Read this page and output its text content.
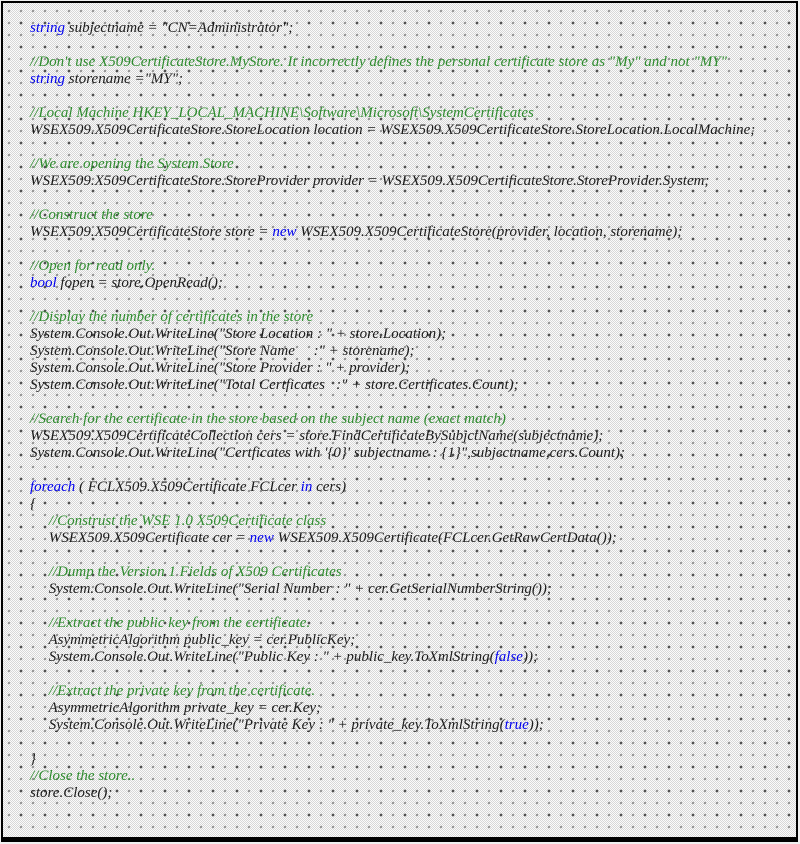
string subjectname = "CN=Administrator";

//Don't use X509CertificateStore.MyStore. It incorrectly defines the personal certificate store as "My" and not "MY"
string storename ="MY";

//Local Machine HKEY_LOCAL_MACHINE\Software\Microsoft\SystemCertificates
WSEX509.X509CertificateStore.StoreLocation location = WSEX509.X509CertificateStore.StoreLocation.LocalMachine;

//We are opening the System Store
WSEX509.X509CertificateStore.StoreProvider provider = WSEX509.X509CertificateStore.StoreProvider.System;

//Construct the store
WSEX509.X509CertificateStore store = new WSEX509.X509CertificateStore(provider, location, storename);

//Open for read only.
bool fopen = store.OpenRead();

//Display the number of certificates in the store
System.Console.Out.WriteLine("Store Location : " + store.Location);
System.Console.Out.WriteLine("Store Name     :" + storename);
System.Console.Out.WriteLine("Store Provider : " + provider);
System.Console.Out.WriteLine("Total Certficates   :" + store.Certificates.Count);

//Search for the certificate in the store based on the subject name (exact match)
WSEX509.X509CertificateCollection cers = store.FindCertificateBySubjctName(subjectname);
System.Console.Out.WriteLine("Certficates with '{0}' subjectname : {1}",subjectname,cers.Count);

foreach ( FCLX509.X509Certificate FCLcer in cers)
{
//Construst the WSE 1.0 X509Certificate class
WSEX509.X509Certificate cer = new WSEX509.X509Certificate(FCLcer.GetRawCertData());

//Dump the Version 1 Fields of X509 Certificates
System.Console.Out.WriteLine("Serial Number : " + cer.GetSerialNumberString());

//Extract the public key from the certificate.
AsymmetricAlgorithm public_key = cer.PublicKey;
System.Console.Out.WriteLine("Public Key : " + public_key.ToXmlString(false));

//Extract the private key from the certificate.
AsymmetricAlgorithm private_key = cer.Key;
System.Console.Out.WriteLine("Private Key : " + private_key.ToXmlString(true));

}
//Close the store..
store.Close();
